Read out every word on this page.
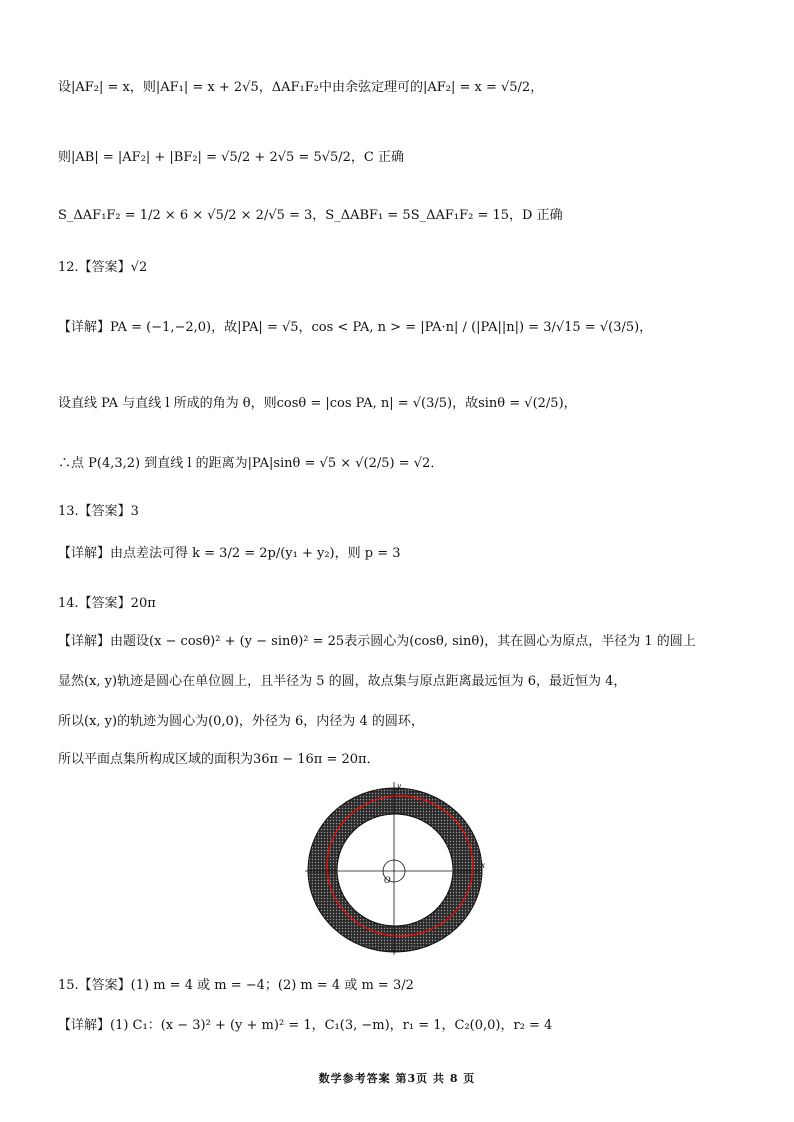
设|AF₂| = x，则|AF₁| = x + 2√5，ΔAF₁F₂中由余弦定理可的|AF₂| = x = √5/2，
则|AB| = |AF₂| + |BF₂| = √5/2 + 2√5 = 5√5/2，C 正确
S_ΔAF₁F₂ = 1/2 × 6 × √5/2 × 2/√5 = 3，S_ΔABF₁ = 5S_ΔAF₁F₂ = 15，D 正确
12.【答案】√2
【详解】PA = (−1,−2,0)，故|PA| = √5，cos < PA, n > = |PA·n| / (|PA||n|) = 3/√15 = √(3/5)，
设直线 PA 与直线 l 所成的角为 θ，则cosθ = |cos PA, n| = √(3/5)，故sinθ = √(2/5)，
∴点 P(4,3,2) 到直线 l 的距离为|PA|sinθ = √5 × √(2/5) = √2．
13.【答案】3
【详解】由点差法可得 k = 3/2 = 2p/(y₁ + y₂)，则 p = 3
14.【答案】20π
【详解】由题设(x − cosθ)² + (y − sinθ)² = 25表示圆心为(cosθ, sinθ)，其在圆心为原点，半径为 1 的圆上
显然(x, y)轨迹是圆心在单位圆上，且半径为 5 的圆，故点集与原点距离最远恒为 6，最近恒为 4，
所以(x, y)的轨迹为圆心为(0,0)，外径为 6，内径为 4 的圆环，
所以平面点集所构成区域的面积为36π − 16π = 20π．
x
y
O
15.【答案】(1) m = 4 或 m = −4；(2) m = 4 或 m = 3/2
【详解】(1) C₁：(x − 3)² + (y + m)² = 1，C₁(3, −m)，r₁ = 1，C₂(0,0)，r₂ = 4
数学参考答案 第3页 共 8 页
